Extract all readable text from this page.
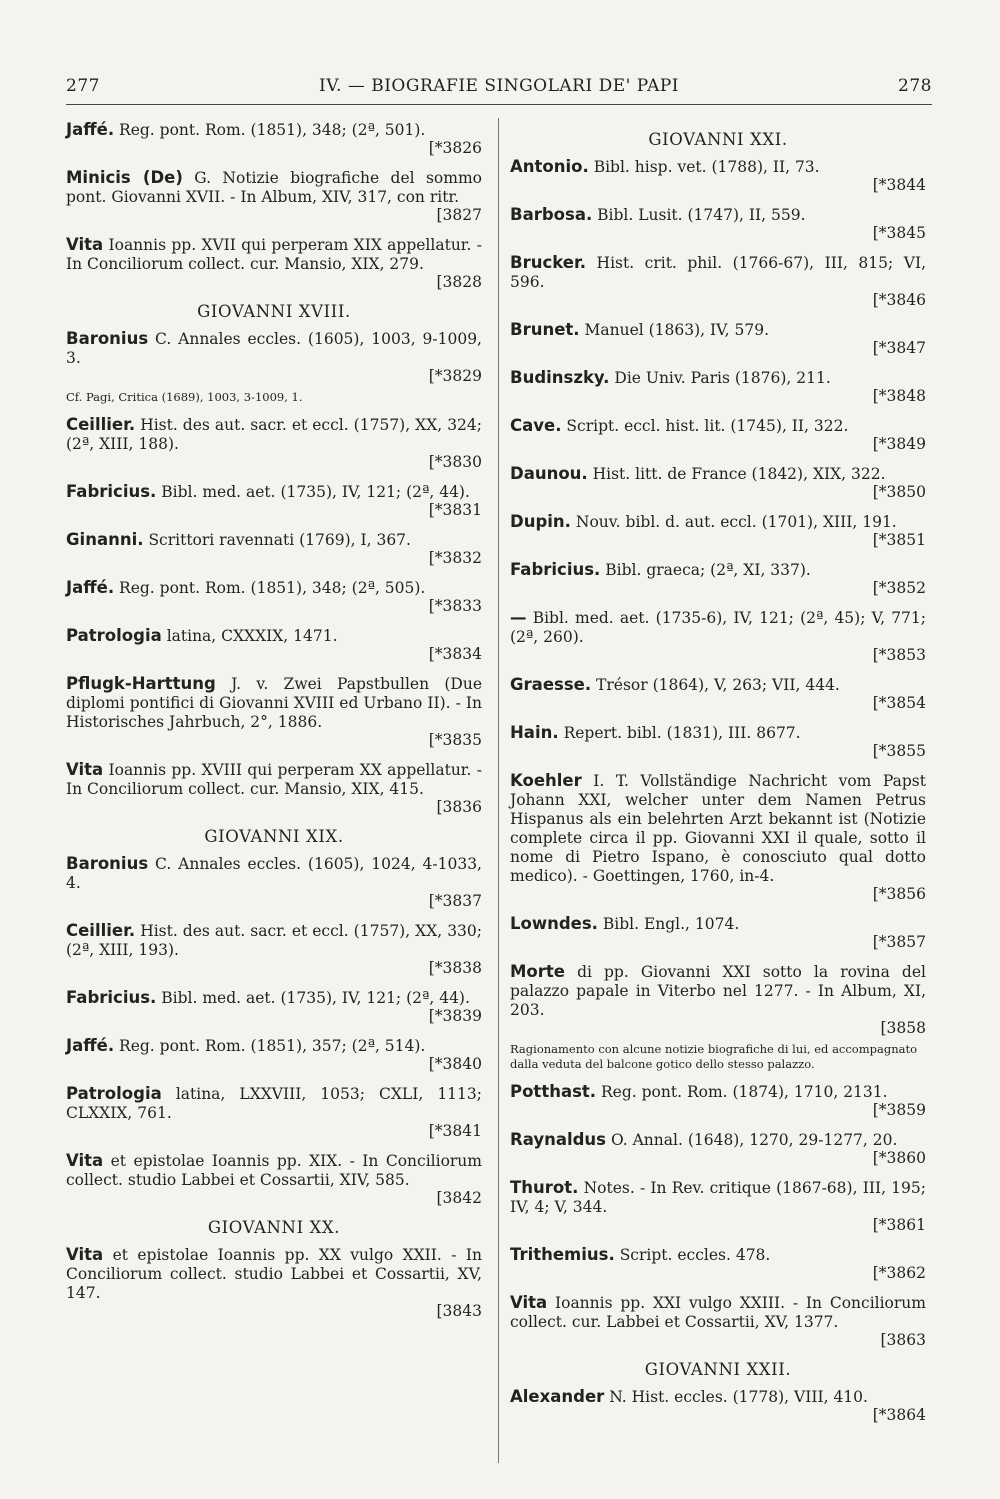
277	IV. — BIOGRAFIE SINGOLARI DE' PAPI	278
Jaffé. Reg. pont. Rom. (1851), 348; (2ª, 501).
[*3826
Minicis (De) G. Notizie biografiche del sommo pont. Giovanni XVII. - In Album, XIV, 317, con ritr.
[3827
Vita Ioannis pp. XVII qui perperam XIX appellatur. - In Conciliorum collect. cur. Mansio, XIX, 279.
[3828
GIOVANNI XVIII.
Baronius C. Annales eccles. (1605), 1003, 9-1009, 3.
[*3829
Cf. Pagi, Critica (1689), 1003, 3-1009, 1.
Ceillier. Hist. des aut. sacr. et eccl. (1757), XX, 324; (2ª, XIII, 188).
[*3830
Fabricius. Bibl. med. aet. (1735), IV, 121; (2ª, 44).
[*3831
Ginanni. Scrittori ravennati (1769), I, 367.
[*3832
Jaffé. Reg. pont. Rom. (1851), 348; (2ª, 505).
[*3833
Patrologia latina, CXXXIX, 1471.
[*3834
Pflugk-Harttung J. v. Zwei Papstbullen (Due diplomi pontifici di Giovanni XVIII ed Urbano II). - In Historisches Jahrbuch, 2°, 1886.
[*3835
Vita Ioannis pp. XVIII qui perperam XX appellatur. - In Conciliorum collect. cur. Mansio, XIX, 415.
[3836
GIOVANNI XIX.
Baronius C. Annales eccles. (1605), 1024, 4-1033, 4.
[*3837
Ceillier. Hist. des aut. sacr. et eccl. (1757), XX, 330; (2ª, XIII, 193).
[*3838
Fabricius. Bibl. med. aet. (1735), IV, 121; (2ª, 44).
[*3839
Jaffé. Reg. pont. Rom. (1851), 357; (2ª, 514).
[*3840
Patrologia latina, LXXVIII, 1053; CXLI, 1113; CLXXIX, 761.
[*3841
Vita et epistolae Ioannis pp. XIX. - In Conciliorum collect. studio Labbei et Cossartii, XIV, 585.
[3842
GIOVANNI XX.
Vita et epistolae Ioannis pp. XX vulgo XXII. - In Conciliorum collect. studio Labbei et Cossartii, XV, 147.
[3843
GIOVANNI XXI.
Antonio. Bibl. hisp. vet. (1788), II, 73.
[*3844
Barbosa. Bibl. Lusit. (1747), II, 559.
[*3845
Brucker. Hist. crit. phil. (1766-67), III, 815; VI, 596.
[*3846
Brunet. Manuel (1863), IV, 579.
[*3847
Budinszky. Die Univ. Paris (1876), 211.
[*3848
Cave. Script. eccl. hist. lit. (1745), II, 322.
[*3849
Daunou. Hist. litt. de France (1842), XIX, 322.
[*3850
Dupin. Nouv. bibl. d. aut. eccl. (1701), XIII, 191.
[*3851
Fabricius. Bibl. graeca; (2ª, XI, 337).
[*3852
— Bibl. med. aet. (1735-6), IV, 121; (2ª, 45); V, 771; (2ª, 260).
[*3853
Graesse. Trésor (1864), V, 263; VII, 444.
[*3854
Hain. Repert. bibl. (1831), III. 8677.
[*3855
Koehler I. T. Vollständige Nachricht vom Papst Johann XXI, welcher unter dem Namen Petrus Hispanus als ein belehrten Arzt bekannt ist (Notizie complete circa il pp. Giovanni XXI il quale, sotto il nome di Pietro Ispano, è conosciuto qual dotto medico). - Goettingen, 1760, in-4.
[*3856
Lowndes. Bibl. Engl., 1074.
[*3857
Morte di pp. Giovanni XXI sotto la rovina del palazzo papale in Viterbo nel 1277. - In Album, XI, 203.
[3858
Ragionamento con alcune notizie biografiche di lui, ed accompagnato dalla veduta del balcone gotico dello stesso palazzo.
Potthast. Reg. pont. Rom. (1874), 1710, 2131.
[*3859
Raynaldus O. Annal. (1648), 1270, 29-1277, 20.
[*3860
Thurot. Notes. - In Rev. critique (1867-68), III, 195; IV, 4; V, 344.
[*3861
Trithemius. Script. eccles. 478.
[*3862
Vita Ioannis pp. XXI vulgo XXIII. - In Conciliorum collect. cur. Labbei et Cossartii, XV, 1377.
[3863
GIOVANNI XXII.
Alexander N. Hist. eccles. (1778), VIII, 410.
[*3864
